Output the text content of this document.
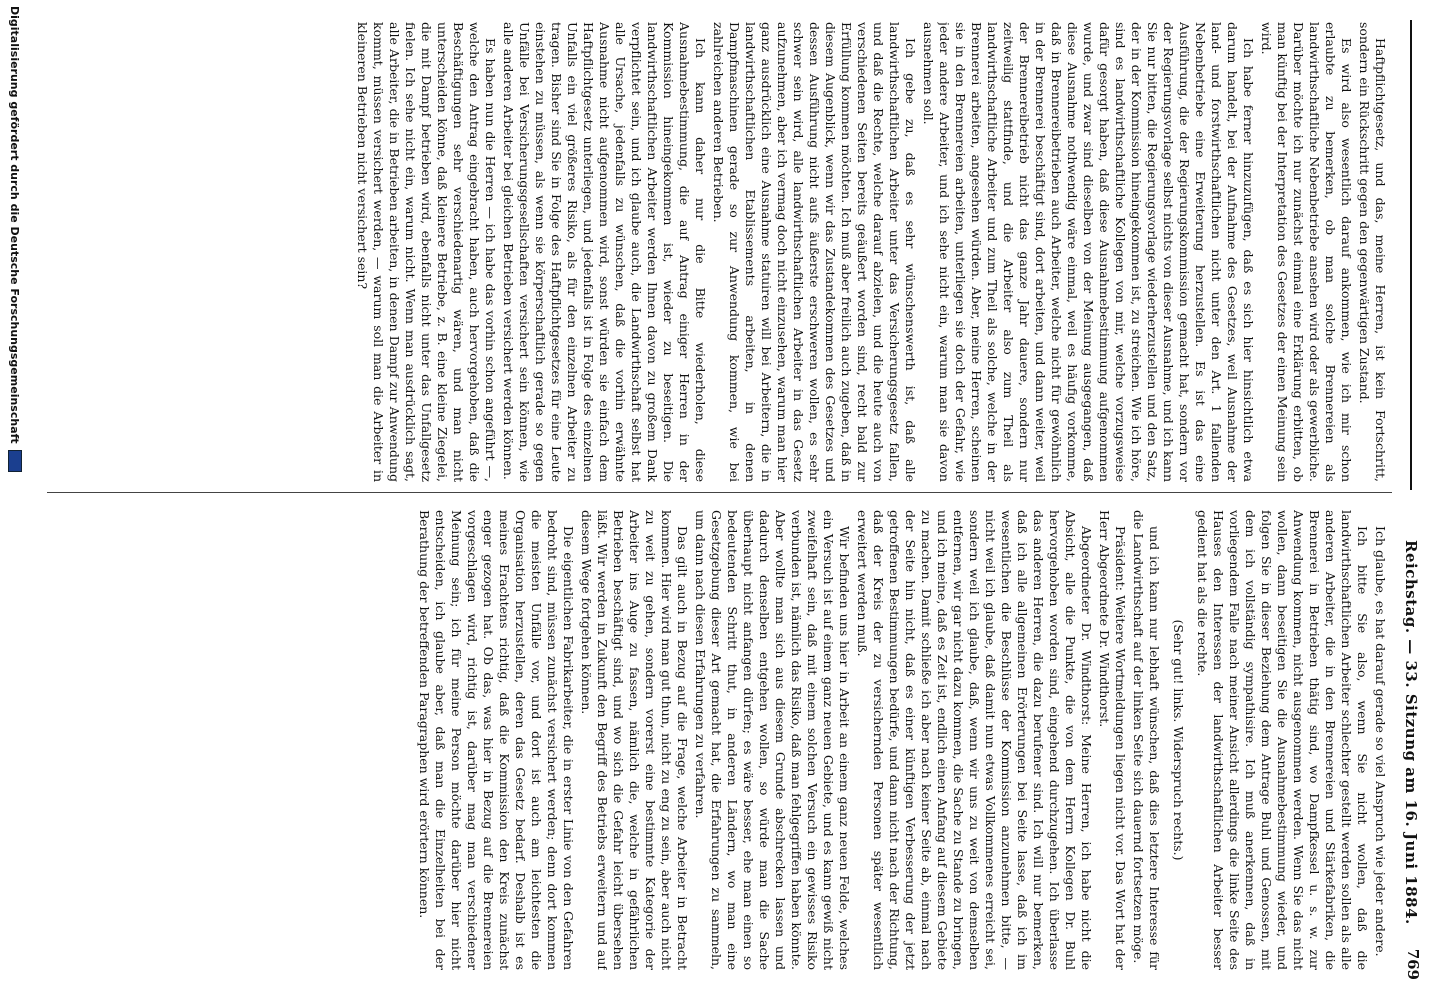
Digitalisierung gefördert durch die Deutsche Forschungsgemeinschaft
Reichstag. — 33. Sitzung am 16. Juni 1884.
769

Haftpflichtgesetz, und das, meine Herren, ist kein Fortschritt, sondern ein Rückschritt gegen den gegenwärtigen Zustand.

Es wird also wesentlich darauf ankommen, wie ich mir schon erlaubte zu bemerken, ob man solche Brennereien als landwirthschaftliche Nebenbetriebe ansehen wird oder als gewerbliche. Darüber möchte ich nur zunächst einmal eine Erklärung erbitten, ob man künftig bei der Interpretation des Gesetzes der einen Meinung sein wird.

Ich habe ferner hinzuzufügen, daß es sich hier hinsichtlich etwa darum handelt, bei der Aufnahme des Gesetzes, weil Ausnahme der land- und forstwirthschaftlichen nicht unter den Art. 1 fallenden Nebenbetriebe eine Erweiterung herzustellen. Es ist das eine Ausführung, die der Regierungskommission gemacht hat, sondern vor der Regierungsvorlage selbst nichts von dieser Ausnahme, und ich kann Sie nur bitten, die Regierungsvorlage wiederherzustellen und den Satz, der in der Kommission hineingekommen ist, zu streichen. Wie ich höre, sind es landwirthschaftliche Kollegen von mir, welche vorzugsweise dafür gesorgt haben, daß diese Ausnahmebestimmung aufgenommen wurde, und zwar sind dieselben von der Meinung ausgegangen, daß diese Ausnahme nothwendig wäre einmal, weil es häufig vorkomme, daß in Brennereibetrieben auch Arbeiter, welche nicht für gewöhnlich in der Brennerei beschäftigt sind, dort arbeiten, und dann weiter, weil der Brennereibetrieb nicht das ganze Jahr dauere, sondern nur zeitweilig stattfinde, und die Arbeiter also zum Theil als landwirthschaftliche Arbeiter und zum Theil als solche, welche in der Brennerei arbeiten, angesehen würden. Aber, meine Herren, scheinen sie in den Brennereien arbeiten, unterliegen sie doch der Gefahr, wie jeder andere Arbeiter, und ich sehe nicht ein, warum man sie davon ausnehmen soll.

Ich gebe zu, daß es sehr wünschenswerth ist, daß alle landwirthschaftlichen Arbeiter unter das Versicherungsgesetz fallen, und daß die Rechte, welche darauf abzielen, und die heute auch von verschiedenen Seiten bereits geäußert worden sind, recht bald zur Erfüllung kommen möchten. Ich muß aber freilich auch zugeben, daß in diesem Augenblick, wenn wir das Zustandekommen des Gesetzes und dessen Ausführung nicht aufs äußerste erschweren wollen, es sehr schwer sein wird, alle landwirthschaftlichen Arbeiter in das Gesetz aufzunehmen, aber ich vermag doch nicht einzusehen, warum man hier ganz ausdrücklich eine Ausnahme statuiren will bei Arbeitern, die in landwirthschaftlichen Etablissements arbeiten, in denen Dampfmaschinen gerade so zur Anwendung kommen, wie bei zahlreichen anderen Betrieben.

Ich kann daher nur die Bitte wiederholen, diese Ausnahmebestimmung, die auf Antrag einiger Herren in der Kommission hineingekommen ist, wieder zu beseitigen. Die landwirthschaftlichen Arbeiter werden Ihnen davon zu großem Dank verpflichtet sein, und ich glaube auch, die Landwirthschaft selbst hat alle Ursache, jedenfalls zu wünschen, daß die vorhin erwähnte Ausnahme nicht aufgenommen wird, sonst würden sie einfach dem Haftpflichtgesetz unterliegen, und jedenfalls ist in Folge des einzelnen Unfalls ein viel größeres Risiko, als für den einzelnen Arbeiter zu tragen. Bisher sind Sie in Folge des Haftpflichtgesetzes für eine Leute einstehen zu müssen, als wenn sie körperschaftlich gerade so gegen Unfälle bei Versicherungsgesellschaften versichert sein können, wie alle anderen Arbeiter bei gleichen Betrieben versichert werden können.

Es haben nun die Herren — ich habe das vorhin schon angeführt —, welche den Antrag eingebracht haben, auch hervorgehoben, daß die Beschäftigungen sehr verschiedenartig wären, und man nicht unterscheiden könne, daß kleinere Betriebe, z. B. eine kleine Ziegelei, die mit Dampf betrieben wird, ebenfalls nicht unter das Unfallgesetz fielen. Ich sehe nicht ein, warum nicht. Wenn man ausdrücklich sagt, alle Arbeiter, die in Betrieben arbeiten, in denen Dampf zur Anwendung kommt, müssen versichert werden, — warum soll man die Arbeiter in kleineren Betrieben nicht versichert sein?

Ich glaube, es hat darauf gerade so viel Anspruch wie jeder andere.

Ich bitte Sie also, wenn Sie nicht wollen, daß die landwirthschaftlichen Arbeiter schlechter gestellt werden sollen als alle anderen Arbeiter, die in den Brennereien und Stärkefabriken, die Brennerei in Betrieben thätig sind, wo Dampfkessel u. s. w. zur Anwendung kommen, nicht ausgenommen werden. Wenn Sie das nicht wollen, dann beseitigen Sie die Ausnahmebestimmung wieder, und folgen Sie in dieser Beziehung dem Antrage Buhl und Genossen, mit dem ich vollständig sympathisire. Ich muß anerkennen, daß in vorliegendem Falle nach meiner Ansicht allerdings die linke Seite des Hauses den Interessen der landwirthschaftlichen Arbeiter besser gedient hat als die rechte.

(Sehr gut! links. Widerspruch rechts.)

und ich kann nur lebhaft wünschen, daß dies letztere Interesse für die Landwirthschaft auf der linken Seite sich dauernd fortsetzen möge.

Präsident: Weitere Wortmeldungen liegen nicht vor. Das Wort hat der Herr Abgeordnete Dr. Windthorst.

Abgeordneter Dr. Windthorst: Meine Herren, ich habe nicht die Absicht, alle die Punkte, die von dem Herrn Kollegen Dr. Buhl hervorgehoben worden sind, eingehend durchzugehen. Ich überlasse das anderen Herren, die dazu berufener sind. Ich will nur bemerken, daß ich alle allgemeinen Erörterungen bei Seite lasse, daß ich im wesentlichen die Beschlüsse der Kommission anzunehmen bitte, — nicht weil ich glaube, daß damit nun etwas Vollkommenes erreicht sei, sondern weil ich glaube, daß, wenn wir uns zu weit von demselben entfernen, wir gar nicht dazu kommen, die Sache zu Stande zu bringen, und ich meine, daß es Zeit ist, endlich einen Anfang auf diesem Gebiete zu machen. Damit schließe ich aber nach keiner Seite ab, einmal nach der Seite hin nicht, daß es einer künftigen Verbesserung der jetzt getroffenen Bestimmungen bedürfe, und dann nicht nach der Richtung, daß der Kreis der zu versichernden Personen später wesentlich erweitert werden muß.

Wir befinden uns hier in Arbeit an einem ganz neuen Felde, welches ein Versuch ist auf einem ganz neuen Gebiete, und es kann gewiß nicht zweifelhaft sein, daß mit einem solchen Versuch ein gewisses Risiko verbunden ist, nämlich das Risiko, daß man fehlgegriffen haben könnte. Aber wollte man sich aus diesem Grunde abschrecken lassen und dadurch denselben entgehen wollen, so würde man die Sache überhaupt nicht anfangen dürfen; es wäre besser, ehe man einen so bedeutenden Schritt thut, in anderen Ländern, wo man eine Gesetzgebung dieser Art gemacht hat, die Erfahrungen zu sammeln, um dann nach diesen Erfahrungen zu verfahren.

Das gilt auch in Bezug auf die Frage, welche Arbeiter in Betracht kommen. Hier wird man gut thun, nicht zu eng zu sein, aber auch nicht zu weit zu gehen, sondern vorerst eine bestimmte Kategorie der Arbeiter ins Auge zu fassen, nämlich die, welche in gefährlichen Betrieben beschäftigt sind, und wo sich die Gefahr leicht übersehen läßt. Wir werden in Zukunft den Begriff des Betriebs erweitern und auf diesem Wege fortgehen können.

Die eigentlichen Fabrikarbeiter, die in erster Linie von den Gefahren bedroht sind, müssen zunächst versichert werden; denn dort kommen die meisten Unfälle vor, und dort ist auch am leichtesten die Organisation herzustellen, deren das Gesetz bedarf. Deshalb ist es meines Erachtens richtig, daß die Kommission den Kreis zunächst enger gezogen hat. Ob das, was hier in Bezug auf die Brennereien vorgeschlagen wird, richtig ist, darüber mag man verschiedener Meinung sein; ich für meine Person möchte darüber hier nicht entscheiden, ich glaube aber, daß man die Einzelheiten bei der Berathung der betreffenden Paragraphen wird erörtern können.
